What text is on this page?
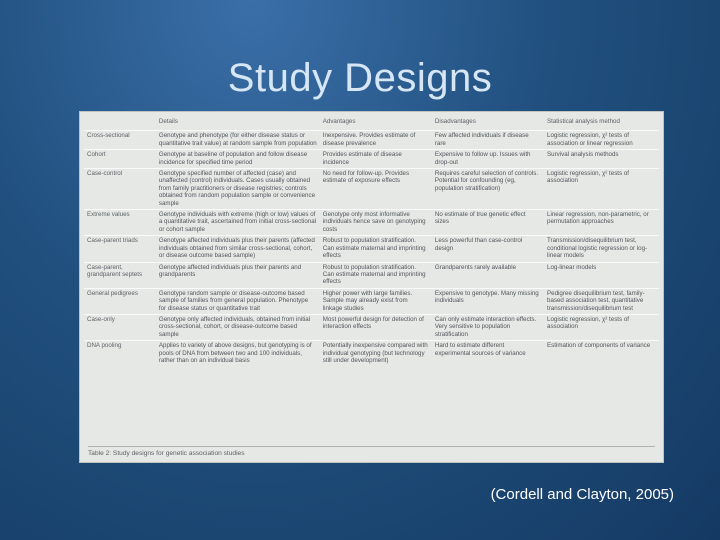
Study Designs
	Details	Advantages	Disadvantages	Statistical analysis method
Cross-sectional	Genotype and phenotype (for either disease status or quantitative trait value) at random sample from population	Inexpensive. Provides estimate of disease prevalence	Few affected individuals if disease rare	Logistic regression, χ² tests of association or linear regression
Cohort	Genotype at baseline of population and follow disease incidence for specified time period	Provides estimate of disease incidence	Expensive to follow up. Issues with drop-out	Survival analysis methods
Case-control	Genotype specified number of affected (case) and unaffected (control) individuals. Cases usually obtained from family practitioners or disease registries; controls obtained from random population sample or convenience sample	No need for follow-up. Provides estimate of exposure effects	Requires careful selection of controls. Potential for confounding (eg, population stratification)	Logistic regression, χ² tests of association
Extreme values	Genotype individuals with extreme (high or low) values of a quantitative trait, ascertained from initial cross-sectional or cohort sample	Genotype only most informative individuals hence save on genotyping costs	No estimate of true genetic effect sizes	Linear regression, non-parametric, or permutation approaches
Case-parent triads	Genotype affected individuals plus their parents (affected individuals obtained from similar cross-sectional, cohort, or disease outcome based sample)	Robust to population stratification. Can estimate maternal and imprinting effects	Less powerful than case-control design	Transmission/disequilibrium test, conditional logistic regression or log-linear models
Case-parent, grandparent septets	Genotype affected individuals plus their parents and grandparents	Robust to population stratification. Can estimate maternal and imprinting effects	Grandparents rarely available	Log-linear models
General pedigrees	Genotype random sample or disease-outcome based sample of families from general population. Phenotype for disease status or quantitative trait	Higher power with large families. Sample may already exist from linkage studies	Expensive to genotype. Many missing individuals	Pedigree disequilibrium test, family-based association test, quantitative transmission/disequilibrium test
Case-only	Genotype only affected individuals, obtained from initial cross-sectional, cohort, or disease-outcome based sample	Most powerful design for detection of interaction effects	Can only estimate interaction effects. Very sensitive to population stratification	Logistic regression, χ² tests of association
DNA pooling	Applies to variety of above designs, but genotyping is of pools of DNA from between two and 100 individuals, rather than on an individual basis	Potentially inexpensive compared with individual genotyping (but technology still under development)	Hard to estimate different experimental sources of variance	Estimation of components of variance
Table 2: Study designs for genetic association studies
(Cordell and Clayton, 2005)
